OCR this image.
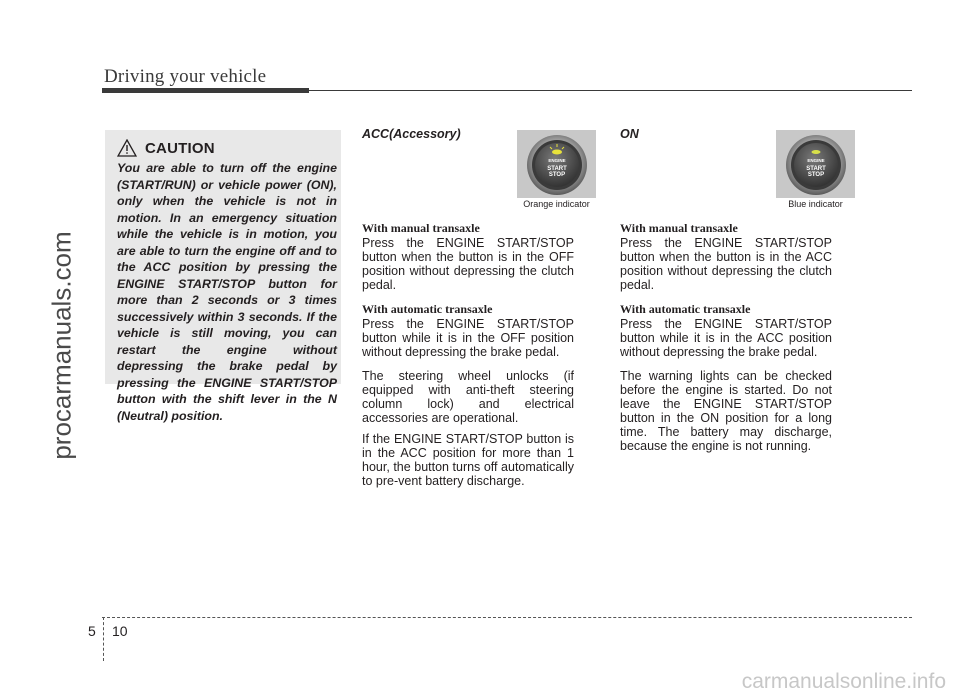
Driving your vehicle
procarmanuals.com
CAUTION
You are able to turn off the engine (START/RUN) or vehicle power (ON), only when the vehicle is not in motion. In an emergency situation while the vehicle is in motion, you are able to turn the engine off and to the ACC position by pressing the ENGINE START/STOP button for more than 2 seconds or 3 times successively within 3 seconds. If the vehicle is still moving, you can restart the engine without depressing the brake pedal by pressing the ENGINE START/STOP button with the shift lever in the N (Neutral) position.
ENGINE
START
STOP
Orange indicator
ENGINE
START
STOP
Blue indicator
ACC(Accessory)

With manual transaxle

Press the ENGINE START/STOP button when the button is in the OFF position without depressing the clutch pedal.

With automatic transaxle

Press the ENGINE START/STOP button while it is in the OFF position without depressing the brake pedal.

The steering wheel unlocks (if equipped with anti-theft steering column lock) and electrical accessories are operational.

If the ENGINE START/STOP button is in the ACC position for more than 1 hour, the button turns off automatically to pre-vent battery discharge.

ON

With manual transaxle

Press the ENGINE START/STOP button when the button is in the ACC position without depressing the clutch pedal.

With automatic transaxle

Press the ENGINE START/STOP button while it is in the ACC position without depressing the brake pedal.

The warning lights can be checked before the engine is started. Do not leave the ENGINE START/STOP button in the ON position for a long time. The battery may discharge, because the engine is not running.

5 10
carmanualsonline.info
